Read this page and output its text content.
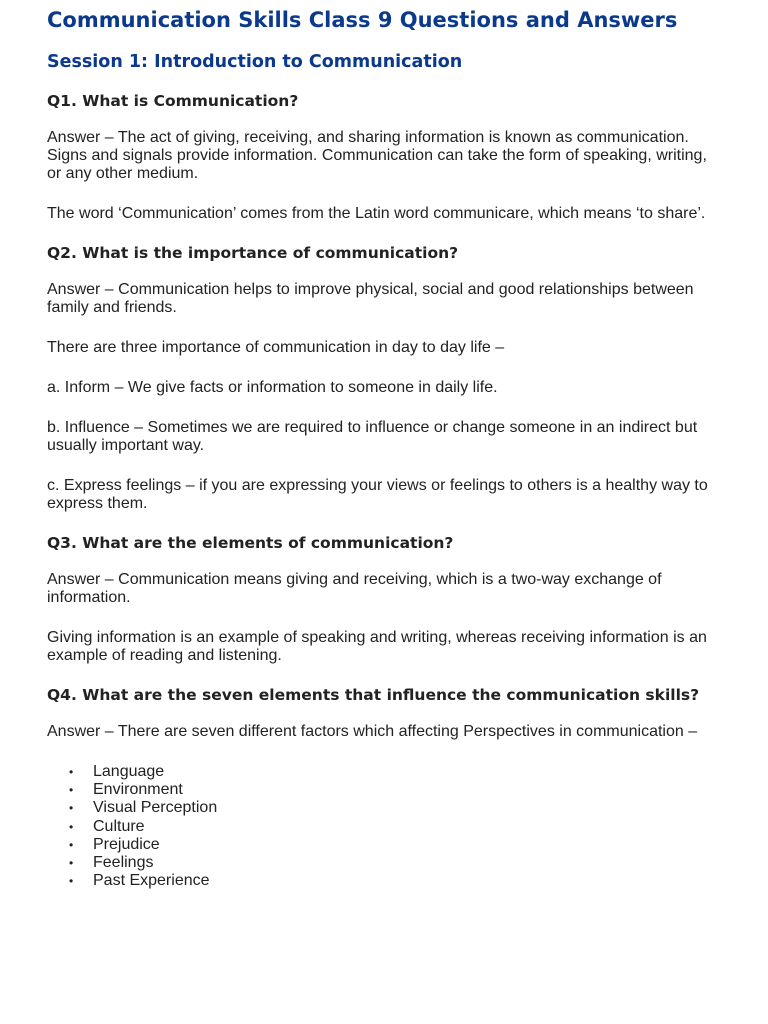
Communication Skills Class 9 Questions and Answers
Session 1: Introduction to Communication
Q1. What is Communication?

Answer – The act of giving, receiving, and sharing information is known as communication. Signs and signals provide information. Communication can take the form of speaking, writing, or any other medium.

The word ‘Communication’ comes from the Latin word communicare, which means ‘to share’.

Q2. What is the importance of communication?

Answer – Communication helps to improve physical, social and good relationships between family and friends.

There are three importance of communication in day to day life –

a. Inform – We give facts or information to someone in daily life.

b. Influence – Sometimes we are required to influence or change someone in an indirect but usually important way.

c. Express feelings – if you are expressing your views or feelings to others is a healthy way to express them.

Q3. What are the elements of communication?

Answer – Communication means giving and receiving, which is a two-way exchange of information.

Giving information is an example of speaking and writing, whereas receiving information is an example of reading and listening.

Q4. What are the seven elements that influence the communication skills?

Answer – There are seven different factors which affecting Perspectives in communication –

• Language
• Environment
• Visual Perception
• Culture
• Prejudice
• Feelings
• Past Experience
